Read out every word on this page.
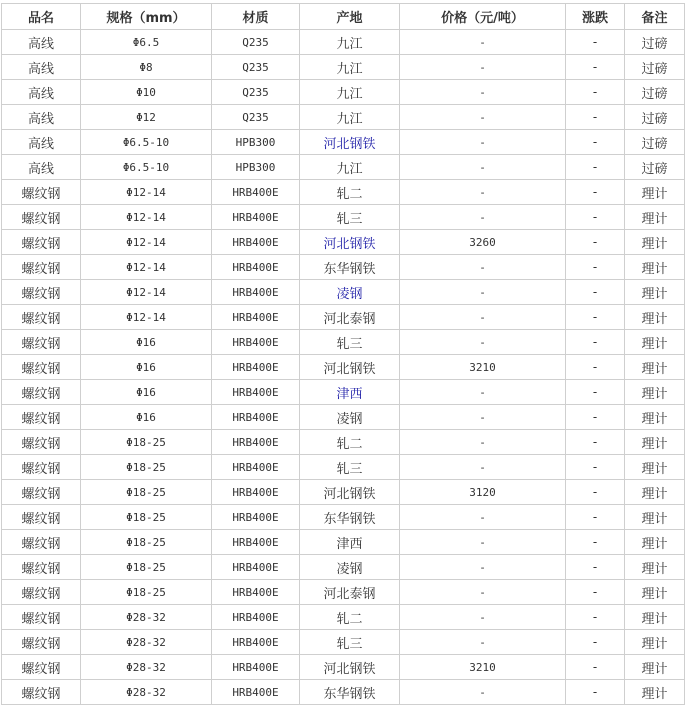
品名	规格（mm）	材质	产地	价格（元/吨）	涨跌	备注
高线	Φ6.5	Q235	九江	-	-	过磅
高线	Φ8	Q235	九江	-	-	过磅
高线	Φ10	Q235	九江	-	-	过磅
高线	Φ12	Q235	九江	-	-	过磅
高线	Φ6.5-10	HPB300	河北钢铁	-	-	过磅
高线	Φ6.5-10	HPB300	九江	-	-	过磅
螺纹钢	Φ12-14	HRB400E	轧二	-	-	理计
螺纹钢	Φ12-14	HRB400E	轧三	-	-	理计
螺纹钢	Φ12-14	HRB400E	河北钢铁	3260	-	理计
螺纹钢	Φ12-14	HRB400E	东华钢铁	-	-	理计
螺纹钢	Φ12-14	HRB400E	凌钢	-	-	理计
螺纹钢	Φ12-14	HRB400E	河北泰钢	-	-	理计
螺纹钢	Φ16	HRB400E	轧三	-	-	理计
螺纹钢	Φ16	HRB400E	河北钢铁	3210	-	理计
螺纹钢	Φ16	HRB400E	津西	-	-	理计
螺纹钢	Φ16	HRB400E	凌钢	-	-	理计
螺纹钢	Φ18-25	HRB400E	轧二	-	-	理计
螺纹钢	Φ18-25	HRB400E	轧三	-	-	理计
螺纹钢	Φ18-25	HRB400E	河北钢铁	3120	-	理计
螺纹钢	Φ18-25	HRB400E	东华钢铁	-	-	理计
螺纹钢	Φ18-25	HRB400E	津西	-	-	理计
螺纹钢	Φ18-25	HRB400E	凌钢	-	-	理计
螺纹钢	Φ18-25	HRB400E	河北泰钢	-	-	理计
螺纹钢	Φ28-32	HRB400E	轧二	-	-	理计
螺纹钢	Φ28-32	HRB400E	轧三	-	-	理计
螺纹钢	Φ28-32	HRB400E	河北钢铁	3210	-	理计
螺纹钢	Φ28-32	HRB400E	东华钢铁	-	-	理计
